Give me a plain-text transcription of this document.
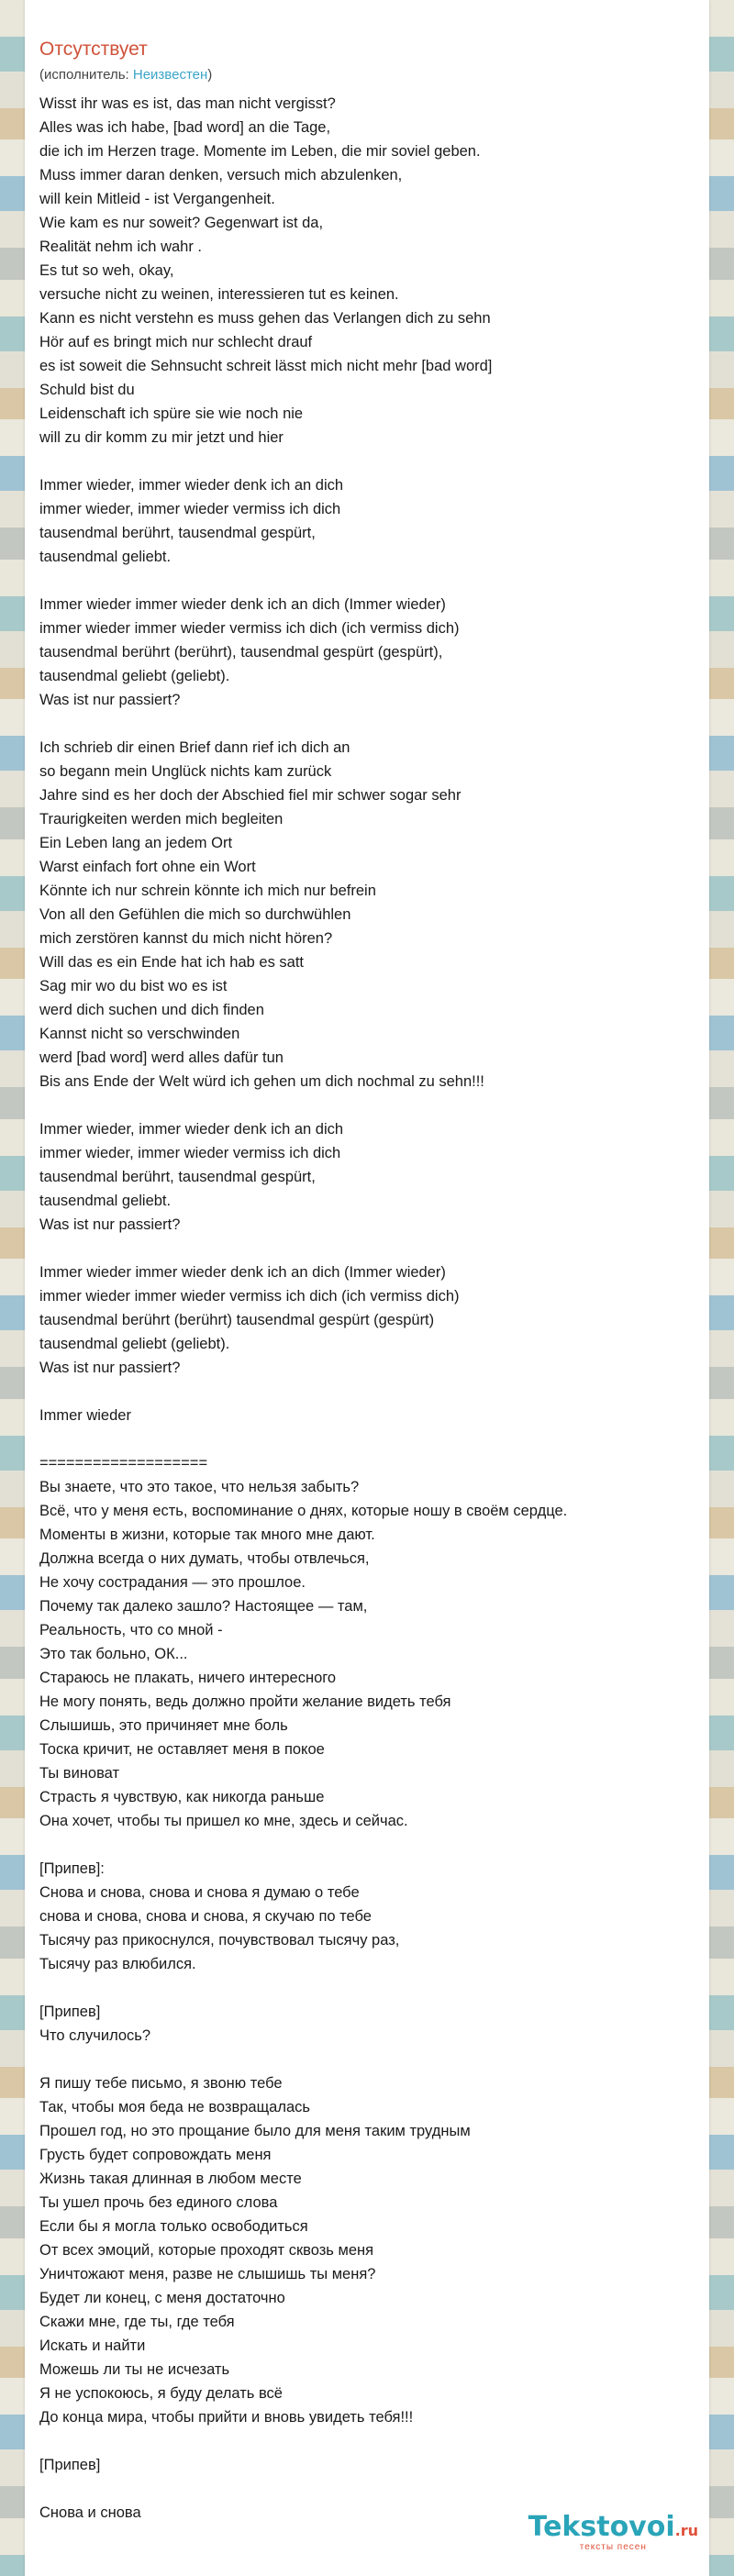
Отсутствует
(исполнитель: Неизвестен)
Wisst ihr was es ist, das man nicht vergisst?
Alles was ich habe, [bad word] an die Tage,
die ich im Herzen trage. Momente im Leben, die mir soviel geben.
Muss immer daran denken, versuch mich abzulenken,
will kein Mitleid - ist Vergangenheit.
Wie kam es nur soweit? Gegenwart ist da,
Realität nehm ich wahr .
Es tut so weh, okay,
versuche nicht zu weinen, interessieren tut es keinen.
Kann es nicht verstehn es muss gehen das Verlangen dich zu sehn
Hör auf es bringt mich nur schlecht drauf
es ist soweit die Sehnsucht schreit lässt mich nicht mehr [bad word]
Schuld bist du
Leidenschaft ich spüre sie wie noch nie
will zu dir komm zu mir jetzt und hier

Immer wieder, immer wieder denk ich an dich
immer wieder, immer wieder vermiss ich dich
tausendmal berührt, tausendmal gespürt,
tausendmal geliebt.

Immer wieder immer wieder denk ich an dich (Immer wieder)
immer wieder immer wieder vermiss ich dich (ich vermiss dich)
tausendmal berührt (berührt), tausendmal gespürt (gespürt),
tausendmal geliebt (geliebt).
Was ist nur passiert?

Ich schrieb dir einen Brief dann rief ich dich an
so begann mein Unglück nichts kam zurück
Jahre sind es her doch der Abschied fiel mir schwer sogar sehr
Traurigkeiten werden mich begleiten
Ein Leben lang an jedem Ort
Warst einfach fort ohne ein Wort
Könnte ich nur schrein könnte ich mich nur befrein
Von all den Gefühlen die mich so durchwühlen
mich zerstören kannst du mich nicht hören?
Will das es ein Ende hat ich hab es satt
Sag mir wo du bist wo es ist
werd dich suchen und dich finden
Kannst nicht so verschwinden
werd [bad word] werd alles dafür tun
Bis ans Ende der Welt würd ich gehen um dich nochmal zu sehn!!!

Immer wieder, immer wieder denk ich an dich
immer wieder, immer wieder vermiss ich dich
tausendmal berührt, tausendmal gespürt,
tausendmal geliebt.
Was ist nur passiert?

Immer wieder immer wieder denk ich an dich (Immer wieder)
immer wieder immer wieder vermiss ich dich (ich vermiss dich)
tausendmal berührt (berührt) tausendmal gespürt (gespürt)
tausendmal geliebt (geliebt).
Was ist nur passiert?

Immer wieder

===================
Вы знаете, что это такое, что нельзя забыть?
Всё, что у меня есть, воспоминание о днях, которые ношу в своём сердце.
Моменты в жизни, которые так много мне дают.
Должна всегда о них думать, чтобы отвлечься,
Не хочу сострадания — это прошлое.
Почему так далеко зашло? Настоящее — там,
Реальность, что со мной -
Это так больно, ОК...
Стараюсь не плакать, ничего интересного
Не могу понять, ведь должно пройти желание видеть тебя
Слышишь, это причиняет мне боль
Тоска кричит, не оставляет меня в покое
Ты виноват
Страсть я чувствую, как никогда раньше
Она хочет, чтобы ты пришел ко мне, здесь и сейчас.

[Припев]:
Снова и снова, снова и снова я думаю о тебе
снова и снова, снова и снова, я скучаю по тебе
Тысячу раз прикоснулся, почувствовал тысячу раз,
Тысячу раз влюбился.

[Припев]
Что случилось?

Я пишу тебе письмо, я звоню тебе
Так, чтобы моя беда не возвращалась
Прошел год, но это прощание было для меня таким трудным
Грусть будет сопровождать меня
Жизнь такая длинная в любом месте
Ты ушел прочь без единого слова
Если бы я могла только освободиться
От всех эмоций, которые проходят сквозь меня
Уничтожают меня, разве не слышишь ты меня?
Будет ли конец, с меня достаточно
Скажи мне, где ты, где тебя
Искать и найти
Можешь ли ты не исчезать
Я не успокоюсь, я буду делать всё
До конца мира, чтобы прийти и вновь увидеть тебя!!!

[Припев]

Снова и снова	Tekstovoi.ru
тексты песен
